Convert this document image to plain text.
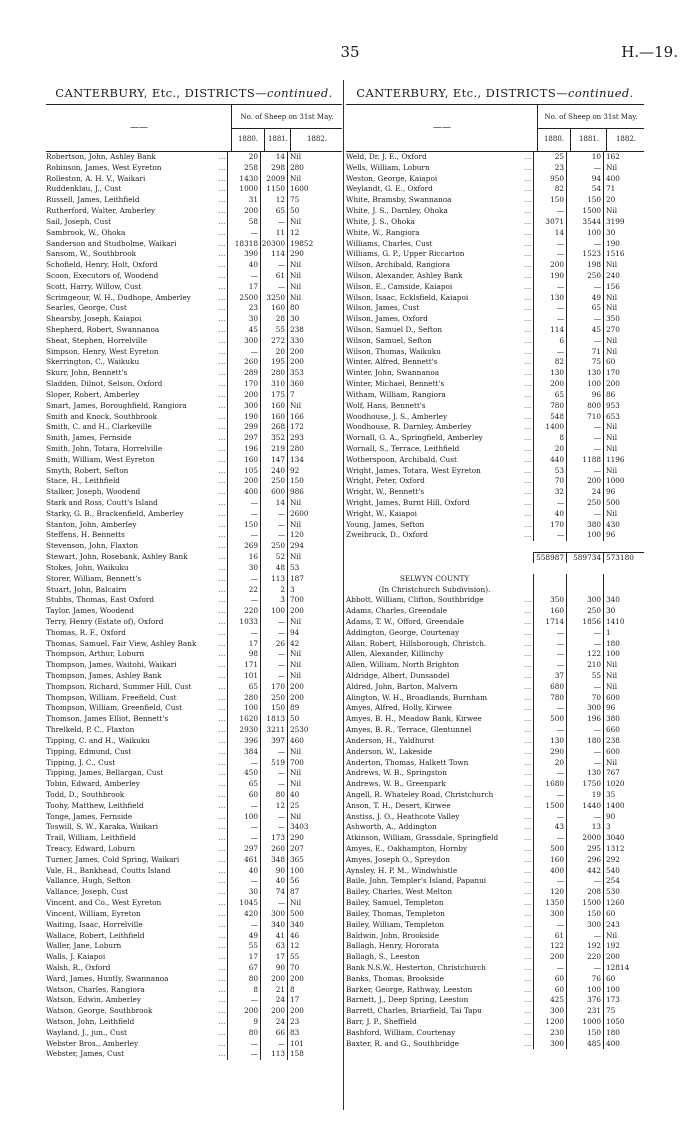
35	H.—19.
CANTERBURY, Etc., DISTRICTS—continued.
——
No. of Sheep on 31st May.
1880.	1881.	1882.
Robertson, John, Ashley Bank	...	20	14 Nil
Robinson, James, West Eyreton	...	258	298 280
Rolleston, A. H. V., Waikari	...	1430	2009 Nil
Ruddenklau, J., Cust	...	1000	1150 1600
Russell, James, Leithfield	...	31	12 75
Rutherford, Walter, Amberley	...	200	65 50
Sail, Joseph, Cust	...	58	— Nil
Sambrook, W., Ohoka	...	—	11 12
Sanderson and Studholme, Waikari	...	18318 20300 19852
Sansom, W., Southbrook	...	390	114 290
Schofield, Henry, Holt, Oxford	...	40	— Nil
Scoon, Executors of, Woodend	...	—	61 Nil
Scott, Harry, Willow, Cust	...	17	— Nil
Scrimgeour, W. H., Dudhope, Amberley	...	2500	3250 Nil
Searles, George, Cust	...	23	160 80
Shearsby, Joseph, Kaiapoi	...	30	28 30
Shepherd, Robert, Swannanoa	...	45	55 238
Sheat, Stephen, Horrelville	...	300	272 330
Simpson, Henry, West Eyreton	...	—	20 200
Skerrington, C., Waikuku	...	260	195 200
Skurr, John, Bennett's	...	289	280 353
Sladden, Dilnot, Selson, Oxford	...	170	310 360
Sloper, Robert, Amberley	...	200	175 7
Smart, James, Boroughfield, Rangiora	...	300	160 Nil
Smith and Knock, Southbrook	...	190	160 166
Smith, C. and H., Clarkeville	...	299	268 172
Smith, James, Fernside	...	297	352 293
Smith, John, Totara, Horrelville	...	196	219 280
Smith, William, West Eyreton	...	160	147 134
Smyth, Robert, Sefton	...	105	240 92
Stace, H., Leithfield	...	200	250 150
Stalker, Joseph, Woodend	...	400	600 986
Stark and Ross, Coutt's Island	...	—	14 Nil
Starky, G. B., Brackenfield, Amberley	...	—	— 2600
Stanton, John, Amberley	...	150	— Nil
Steffens, H. Bennetts	...	—	— 120
Stevenson, John, Flaxton	...	269	250 294
Stewart, John, Rosebank, Ashley Bank	...	16	52 Nil
Stokes, John, Waikuku	...	30	48 53
Storer, William, Bennett's	...	—	113 187
Stuart, John, Balcairn	...	22	2 3
Stubbs, Thomas, East Oxford	...	—	3 700
Taylor, James, Woodend	...	220	100 200
Terry, Henry (Estate of), Oxford	...	1033	— Nil
Thomas, R. F., Oxford	...	—	— 94
Thomas, Samuel, Fair View, Ashley Bank	...	17	26 42
Thompson, Arthur, Loburn	...	98	— Nil
Thompson, James, Waitohi, Waikari	...	171	— Nil
Thompson, James, Ashley Bank	...	101	— Nil
Thompson, Richard, Summer Hill, Cust	...	65	170 200
Thompson, William, Freefield, Cust	...	280	250 200
Thompson, William, Greenfield, Cust	...	100	150 89
Thomson, James Elliot, Bennett's	...	1620	1813 50
Threlkeld, P. C., Flaxton	...	2930	3211 2530
Tipping, C. and H., Waikuku	...	396	397 460
Tipping, Edmund, Cust	...	384	— Nil
Tipping, J. C., Cust	...	—	519 700
Tipping, James, Bellargan, Cust	...	450	— Nil
Tobin, Edward, Amberley	...	65	— Nil
Todd, D., Southbrook	...	60	80 40
Toohy, Matthew, Leithfield	...	—	12 25
Tonge, James, Fernside	...	100	— Nil
Toswill, S. W., Karaka, Waikari	...	—	— 3403
Trail, William, Leithfield	...	—	173 290
Treacy, Edward, Loburn	...	297	260 207
Turner, James, Cold Spring, Waikari	...	461	348 365
Vale, H., Bankhead, Coutts Island	...	40	90 100
Vallance, Hugh, Sefton	...	—	40 56
Vallance, Joseph, Cust	...	30	74 87
Vincent, and Co., West Eyreton	...	1045	— Nil
Vincent, William, Eyreton	...	420	300 500
Waiting, Isaac, Horrelville	...	—	340 340
Wallace, Robert, Leithfield	...	49	41 46
Waller, Jane, Loburn	...	55	63 12
Walls, J. Kaiapoi	...	17	17 55
Walsh, R., Oxford	...	67	90 70
Ward, James, Huntly, Swannanoa	...	80	200 200
Watson, Charles, Rangiora	...	8	21 8
Watson, Edwin, Amberley	...	—	24 17
Watson, George, Southbrook	...	200	200 200
Watson, John, Leithfield	...	9	24 23
Wayland, J., jun., Cust	...	80	66 83
Webster Bros., Amberley	...	—	— 101
Webster, James, Cust	...	—	113 158
CANTERBURY, Etc., DISTRICTS—continued.
——
No. of Sheep on 31st May.
1880.	1881.	1882.
Weld, Dr. J. E., Oxford	...	25	10 162
Wells, William, Loburn	...	23	— Nil
Weston, George, Kaiapoi	...	950	94 400
Weylandt, G. E., Oxford	...	82	54 71
White, Bramsby, Swannanoa	...	150	150 20
White, J. S., Darnley, Ohoka	...	—	1500 Nil
White, J. S., Ohoka	...	3071	3544 3199
White, W., Rangiora	...	14	100 30
Williams, Charles, Cust	...	—	— 190
Williams, G. P., Upper Riccarton	...	—	1523 1516
Wilson, Archibald, Rangiora	...	200	198 Nil
Wilson, Alexander, Ashley Bank	...	190	250 240
Wilson, E., Camside, Kaiapoi	...	—	— 156
Wilson, Isaac, Ecklsfield, Kaiapoi	...	130	49 Nil
Wilson, James, Cust	...	—	65 Nil
Wilson, James, Oxford	...	—	— 350
Wilson, Samuel D., Sefton	...	114	45 270
Wilson, Samuel, Sefton	...	6	— Nil
Wilson, Thomas, Waikuku	...	—	71 Nil
Winter, Alfred, Bennett's	...	82	75 60
Winter, John, Swannanoa	...	130	130 170
Winter, Michael, Bennett's	...	200	100 200
Witham, William, Rangiora	...	65	96 86
Wolf, Hans, Bennett's	...	780	800 953
Woodhouse, J. S., Amberley	...	548	710 653
Woodhouse, R. Darnley, Amberley	...	1400	— Nil
Wornall, G. A., Springfield, Amberley	...	8	— Nil
Wornall, S., Terrace, Leithfield	...	20	— Nil
Wotherspoon, Archibald, Cust	...	440	1188 1196
Wright, James, Totara, West Eyreton	...	53	— Nil
Wright, Peter, Oxford	...	70	200 1000
Wright, W., Bennett's	...	32	24 96
Wright, James, Burnt Hill, Oxford	...	—	250 500
Wright, W., Kaiapoi	...	40	— Nil
Young, James, Sefton	...	170	380 430
Zweibruck, D., Oxford	...	—	100 96
558987	589734 573180
SELWYN COUNTY
(In Christchurch Subdivision).
Abbott, William, Clifton, Southbridge	...	350	300 340
Adams, Charles, Greendale	...	160	250 30
Adams, T. W., Offord, Greendale	...	1714	1856 1410
Addington, George, Courtenay	...	—	— 1
Allan, Robert, Hillsborough, Christch.	...	—	— 180
Allen, Alexander, Killinchy	...	—	122 100
Allen, William, North Brighton	...	—	210 Nil
Aldridge, Albert, Dunsandel	...	37	55 Nil
Aldred, John, Barton, Malvern	...	680	— Nil
Alington, W. H., Broadlands, Burnham	...	780	70 600
Amyes, Alfred, Holly, Kirwee	...	—	300 96
Amyes, B. H., Meadow Bank, Kirwee	...	500	196 380
Amyes, B. R., Terrace, Glentunnel	...	—	— 660
Anderson, H., Yaldhurst	...	130	180 238
Anderson, W., Lakeside	...	290	— 600
Anderton, Thomas, Halkett Town	...	20	— Nil
Andrews, W. B., Springston	...	—	130 767
Andrews, W. B., Greenpark	...	1680	1750 1020
Angell, R. Whateley Road, Christchurch	...	—	19 35
Anson, T. H., Desert, Kirwee	...	1500	1440 1400
Anstiss, J. O., Heathcote Valley	...	—	— 90
Ashworth, A., Addington	...	43	13 3
Atkinson, William, Grassdale, Springfield	...	—	2000 3040
Amyes, E., Oakhampton, Hornby	...	500	295 1312
Amyes, Joseph O., Spreydon	...	160	296 292
Aynsley, H. P. M., Windwhistle	...	400	442 540
Baile, John, Templer's Island, Papanui	...	—	— 254
Bailey, Charles, West Melton	...	120	208 530
Bailey, Samuel, Templeton	...	1350	1500 1260
Bailey, Thomas, Templeton	...	300	150 60
Bailey, William, Templeton	...	—	300 243
Baldwin, John, Brookside	...	61	— Nil
Ballagh, Henry, Hororata	...	122	192 192
Ballagh, S., Leeston	...	200	220 200
Bank N.S.W., Hesterton, Christchurch	...	—	— 12814
Banks, Thomas, Brookside	...	60	76 60
Barker, George, Rathway, Leeston	...	60	100 100
Barnett, J., Deep Spring, Leeston	...	425	376 173
Barrett, Charles, Briarfield, Tai Tapu	...	300	231 75
Barr, J. P., Sheffield	...	1200	1000 1050
Bashford, William, Courtenay	...	230	150 180
Baxter, R. and G., Southbridge	...	300	485 400
